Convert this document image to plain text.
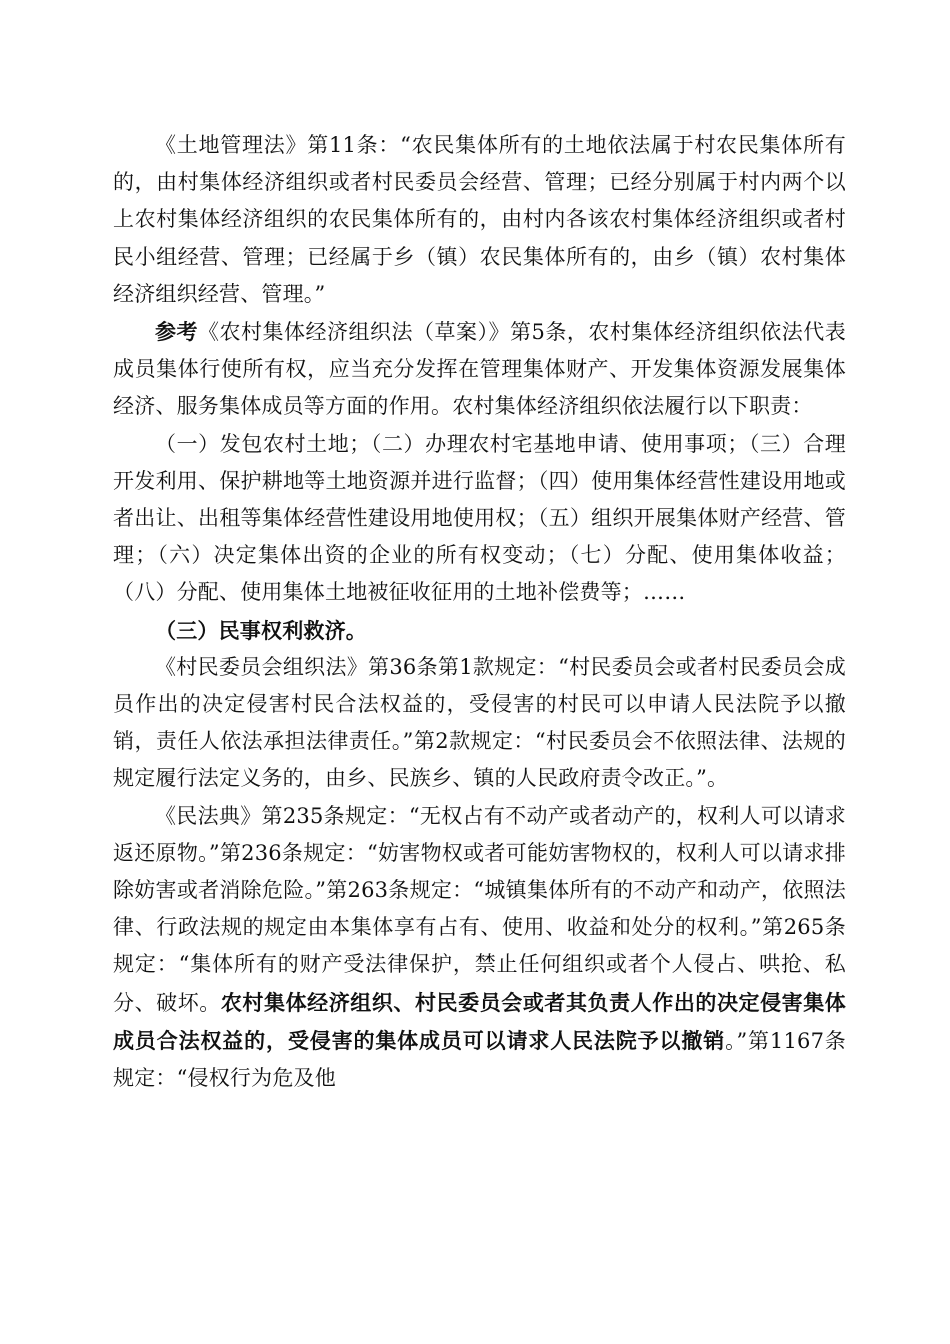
《土地管理法》第11条：“农民集体所有的土地依法属于村农民集体所有的，由村集体经济组织或者村民委员会经营、管理；已经分别属于村内两个以上农村集体经济组织的农民集体所有的，由村内各该农村集体经济组织或者村民小组经营、管理；已经属于乡（镇）农民集体所有的，由乡（镇）农村集体经济组织经营、管理。”

参考《农村集体经济组织法（草案）》第5条，农村集体经济组织依法代表成员集体行使所有权，应当充分发挥在管理集体财产、开发集体资源发展集体经济、服务集体成员等方面的作用。农村集体经济组织依法履行以下职责：

（一）发包农村土地；（二）办理农村宅基地申请、使用事项；（三）合理开发利用、保护耕地等土地资源并进行监督；（四）使用集体经营性建设用地或者出让、出租等集体经营性建设用地使用权；（五）组织开展集体财产经营、管理；（六）决定集体出资的企业的所有权变动；（七）分配、使用集体收益；（八）分配、使用集体土地被征收征用的土地补偿费等；……

（三）民事权利救济。

《村民委员会组织法》第36条第1款规定：“村民委员会或者村民委员会成员作出的决定侵害村民合法权益的，受侵害的村民可以申请人民法院予以撤销，责任人依法承担法律责任。”第2款规定：“村民委员会不依照法律、法规的规定履行法定义务的，由乡、民族乡、镇的人民政府责令改正。”。

《民法典》第235条规定：“无权占有不动产或者动产的，权利人可以请求返还原物。”第236条规定：“妨害物权或者可能妨害物权的，权利人可以请求排除妨害或者消除危险。”第263条规定：“城镇集体所有的不动产和动产，依照法律、行政法规的规定由本集体享有占有、使用、收益和处分的权利。”第265条规定：“集体所有的财产受法律保护，禁止任何组织或者个人侵占、哄抢、私分、破坏。农村集体经济组织、村民委员会或者其负责人作出的决定侵害集体成员合法权益的，受侵害的集体成员可以请求人民法院予以撤销。”第1167条规定：“侵权行为危及他
